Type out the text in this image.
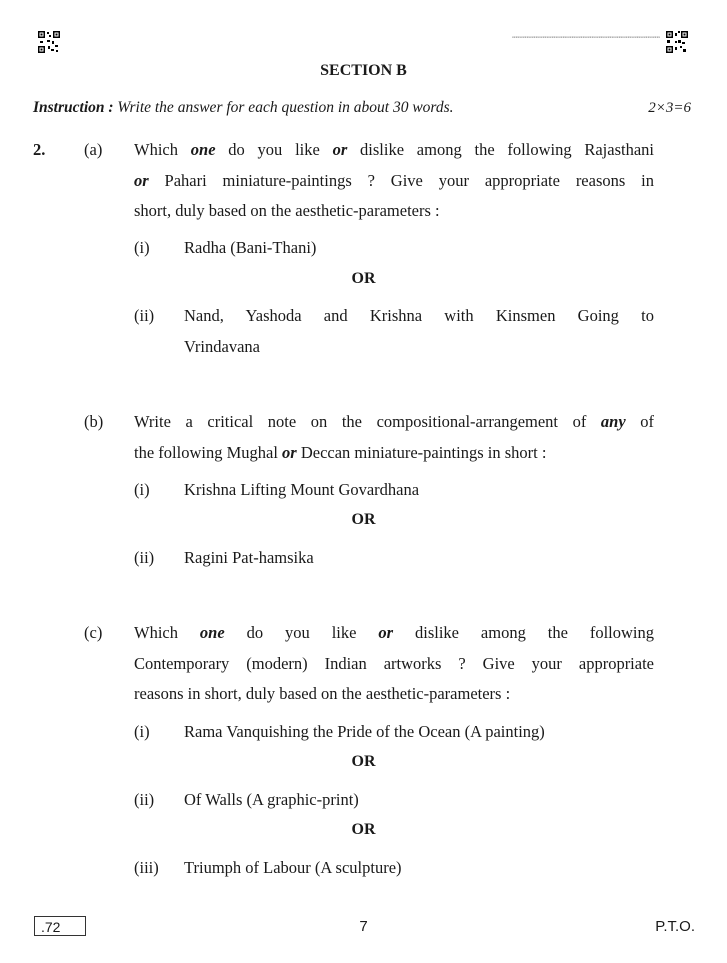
xxxxxxxxxxxxxxxxxxxxxxxxxxxxxxxxxxxxxxxxxxxxxxxxxxxxxxxxxxxxxxxxxxxxxxxxxxxxxxxxxx
SECTION B
Instruction : Write the answer for each question in about 30 words.	2×3=6
2. (a) Which one do you like or dislike among the following Rajasthani
or Pahari miniature-paintings ? Give your appropriate reasons in
short, duly based on the aesthetic-parameters :
(i) Radha (Bani-Thani)
OR
(ii) Nand, Yashoda and Krishna with Kinsmen Going to
Vrindavana
(b) Write a critical note on the compositional-arrangement of any of
the following Mughal or Deccan miniature-paintings in short :
(i) Krishna Lifting Mount Govardhana
OR
(ii) Ragini Pat-hamsika
(c) Which one do you like or dislike among the following
Contemporary (modern) Indian artworks ? Give your appropriate
reasons in short, duly based on the aesthetic-parameters :
(i) Rama Vanquishing the Pride of the Ocean (A painting)
OR
(ii) Of Walls (A graphic-print)
OR
(iii) Triumph of Labour (A sculpture)
.72	7	P.T.O.
